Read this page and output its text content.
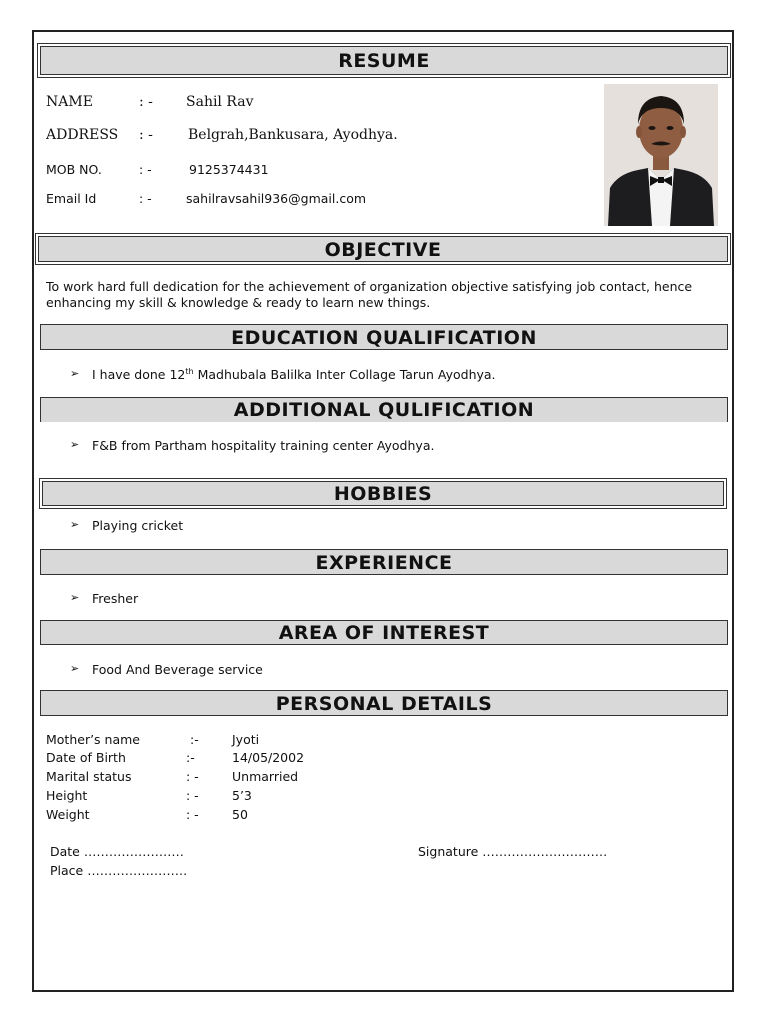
RESUME
NAME	: - Sahil Rav
ADDRESS : -	Belgrah,Bankusara, Ayodhya.
MOB NO.	: -	9125374431
Email Id	: -	sahilravsahil936@gmail.com
OBJECTIVE
To work hard full dedication for the achievement of organization objective satisfying job contact, hence enhancing my skill & knowledge & ready to learn new things.
EDUCATION QUALIFICATION
➢ I have done 12th Madhubala Balilka Inter Collage Tarun Ayodhya.
ADDITIONAL QULIFICATION
➢ F&B from Partham hospitality training center Ayodhya.
HOBBIES
➢ Playing cricket
EXPERIENCE
➢ Fresher
AREA OF INTEREST
➢ Food And Beverage service
PERSONAL DETAILS
Mother’s name	:-	Jyoti
Date of Birth	:-	14/05/2002
Marital status	: -	Unmarried
Height	: -	5’3
Weight	: -	50
Date ……………………
Place ……………………
Signature …………………………
